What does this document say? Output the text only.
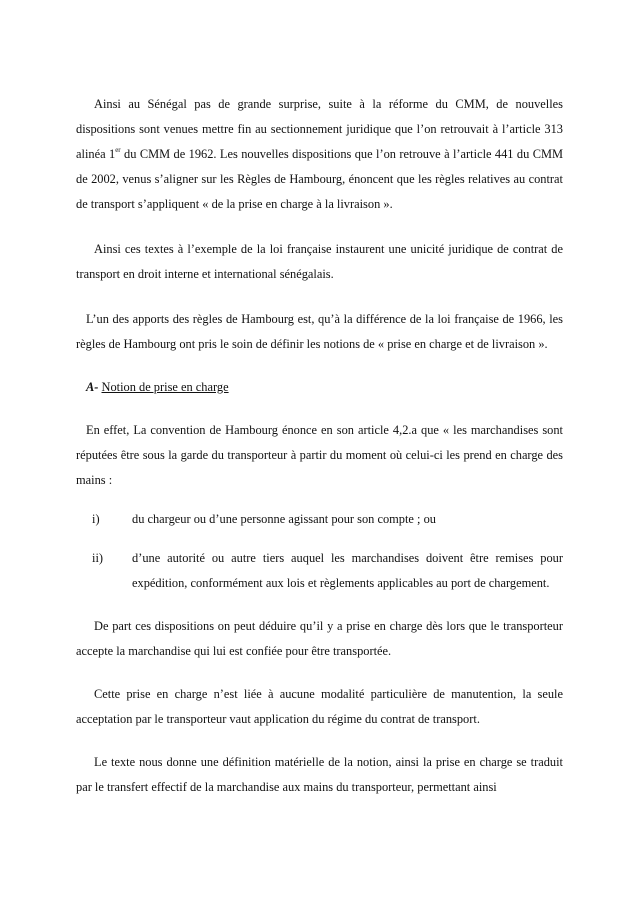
Ainsi au Sénégal pas de grande surprise, suite à la réforme du CMM, de nouvelles dispositions sont venues mettre fin au sectionnement juridique que l’on retrouvait à l’article 313 alinéa 1er du CMM de 1962. Les nouvelles dispositions que l’on retrouve à l’article 441 du CMM de 2002, venus s’aligner sur les Règles de Hambourg, énoncent que les règles relatives au contrat de transport s’appliquent « de la prise en charge à la livraison ».

Ainsi ces textes à l’exemple de la loi française instaurent une unicité juridique de contrat de transport en droit interne et international sénégalais.

L’un des apports des règles de Hambourg est, qu’à la différence de la loi française de 1966, les règles de Hambourg ont pris le soin de définir les notions de « prise en charge et de livraison ».

A- Notion de prise en charge

En effet, La convention de Hambourg énonce en son article 4,2.a que « les marchandises sont réputées être sous la garde du transporteur à partir du moment où celui-ci les prend en charge des mains :

i)	du chargeur ou d’une personne agissant pour son compte ; ou
ii)	d’une autorité ou autre tiers auquel les marchandises doivent être remises pour expédition, conformément aux lois et règlements applicables au port de chargement.

De part ces dispositions on peut déduire qu’il y a prise en charge dès lors que le transporteur accepte la marchandise qui lui est confiée pour être transportée.

Cette prise en charge n’est liée à aucune modalité particulière de manutention, la seule acceptation par le transporteur vaut application du régime du contrat de transport.

Le texte nous donne une définition matérielle de la notion, ainsi la prise en charge se traduit par le transfert effectif de la marchandise aux mains du transporteur, permettant ainsi
